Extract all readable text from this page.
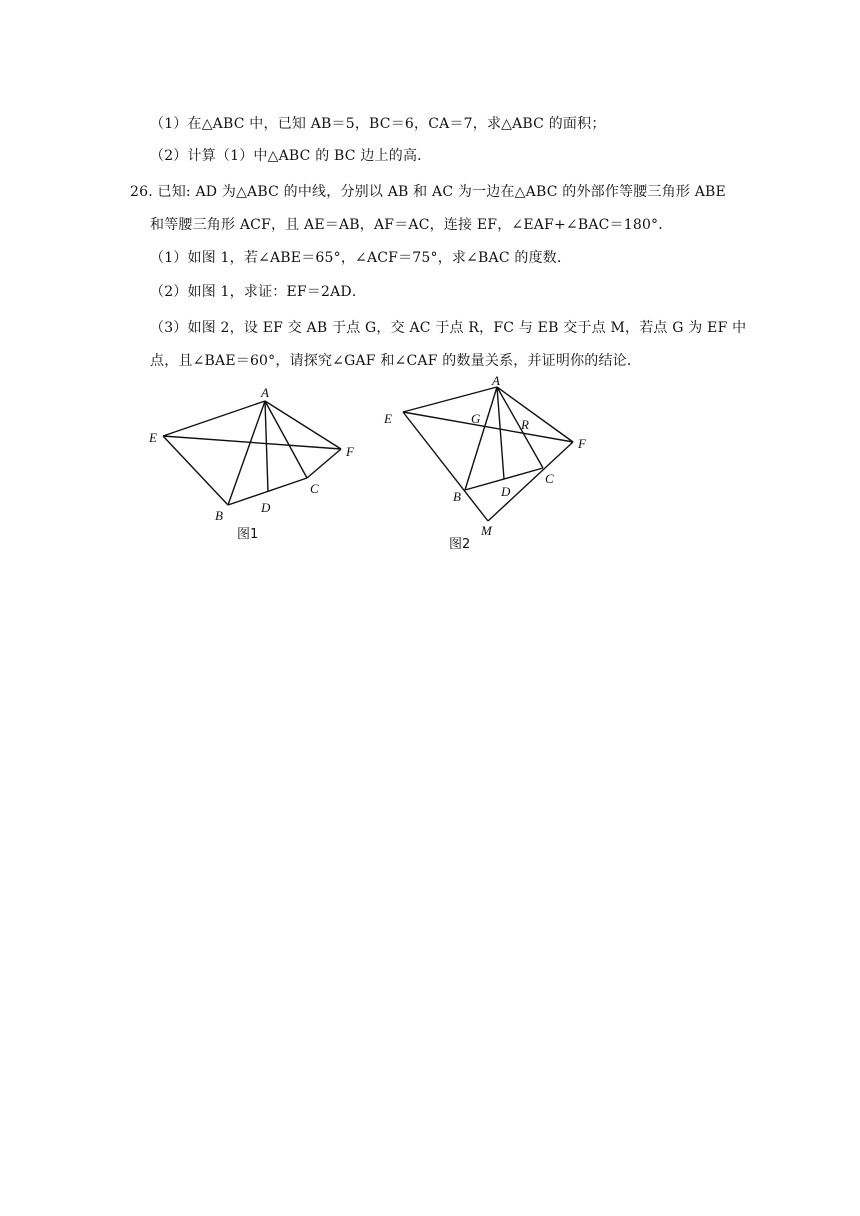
（1）在△ABC 中，已知 AB＝5，BC＝6，CA＝7，求△ABC 的面积；
（2）计算（1）中△ABC 的 BC 边上的高．
26. 已知: AD 为△ABC 的中线，分别以 AB 和 AC 为一边在△ABC 的外部作等腰三角形 ABE
和等腰三角形 ACF，且 AE＝AB，AF＝AC，连接 EF，∠EAF+∠BAC＝180°．
（1）如图 1，若∠ABE＝65°，∠ACF＝75°，求∠BAC 的度数．
（2）如图 1，求证：EF＝2AD．
（3）如图 2，设 EF 交 AB 于点 G，交 AC 于点 R，FC 与 EB 交于点 M，若点 G 为 EF 中
点，且∠BAE＝60°，请探究∠GAF 和∠CAF 的数量关系，并证明你的结论．
A
E
F
B
D
C
图1
A
E	G	R
F
B	D
C
M
图2
